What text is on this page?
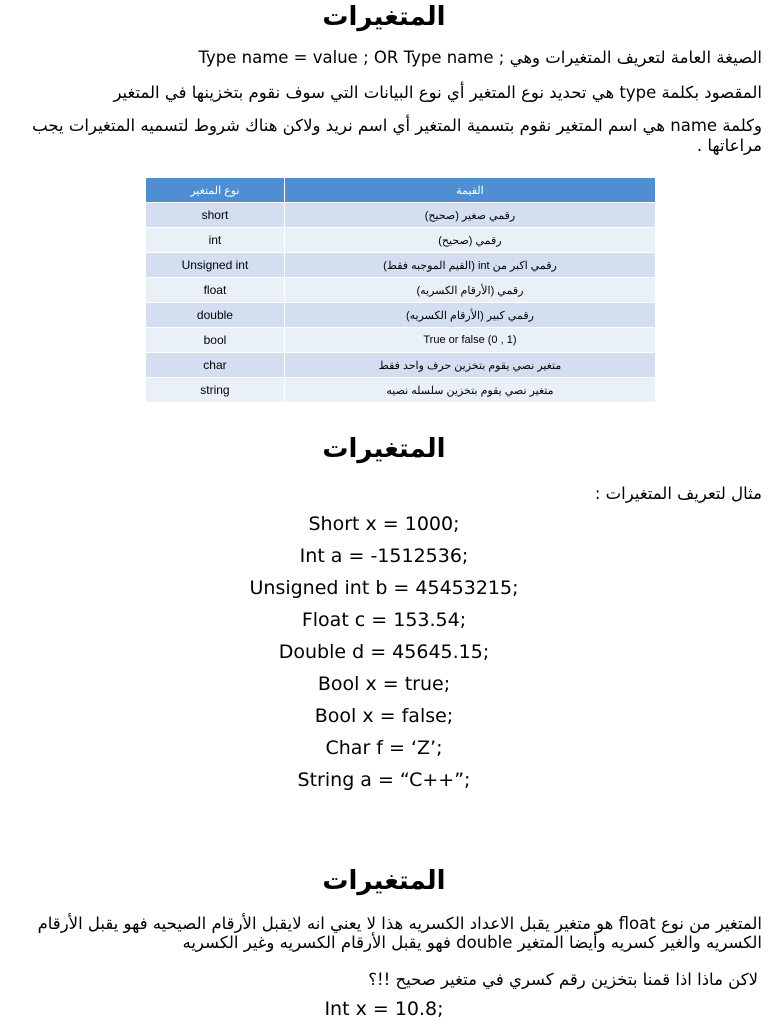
المتغيرات
الصيغة العامة لتعريف المتغيرات وهي ; Type name = value ; OR Type name
المقصود بكلمة type هي تحديد نوع المتغير أي نوع البيانات التي سوف نقوم بتخزينها في المتغير
وكلمة name هي اسم المتغير نقوم بتسمية المتغير أي اسم نريد ولاكن هناك شروط لتسميه المتغيرات يجب مراعاتها .
نوع المتغير	القيمة
short	رقمي صغير (صحيح)
int	رقمي (صحيح)
Unsigned int	رقمي اكبر من int (القيم الموجبه فقط)
float	رقمي (الأرقام الكسريه)
double	رقمي كبير (الأرقام الكسريه)
bool	True or false (0 , 1)
char	متغير نصي يقوم بتخزين حرف واحد فقط
string	متغير نصي يقوم بتخزين سلسله نصيه
المتغيرات
مثال لتعريف المتغيرات :
Short x = 1000;
Int a = -1512536;
Unsigned int b = 45453215;
Float c = 153.54;
Double d = 45645.15;
Bool x = true;
Bool x = false;
Char f = ‘Z’;
String a = “C++”;
المتغيرات
المتغير من نوع float هو متغير يقبل الاعداد الكسريه هذا لا يعني انه لايقبل الأرقام الصيحيه فهو يقبل الأرقام الكسريه والغير كسريه وأيضا المتغير double فهو يقبل الأرقام الكسريه وغير الكسريه
لاكن ماذا اذا قمنا بتخزين رقم كسري في متغير صحيح !!؟
Int x = 10.8;
